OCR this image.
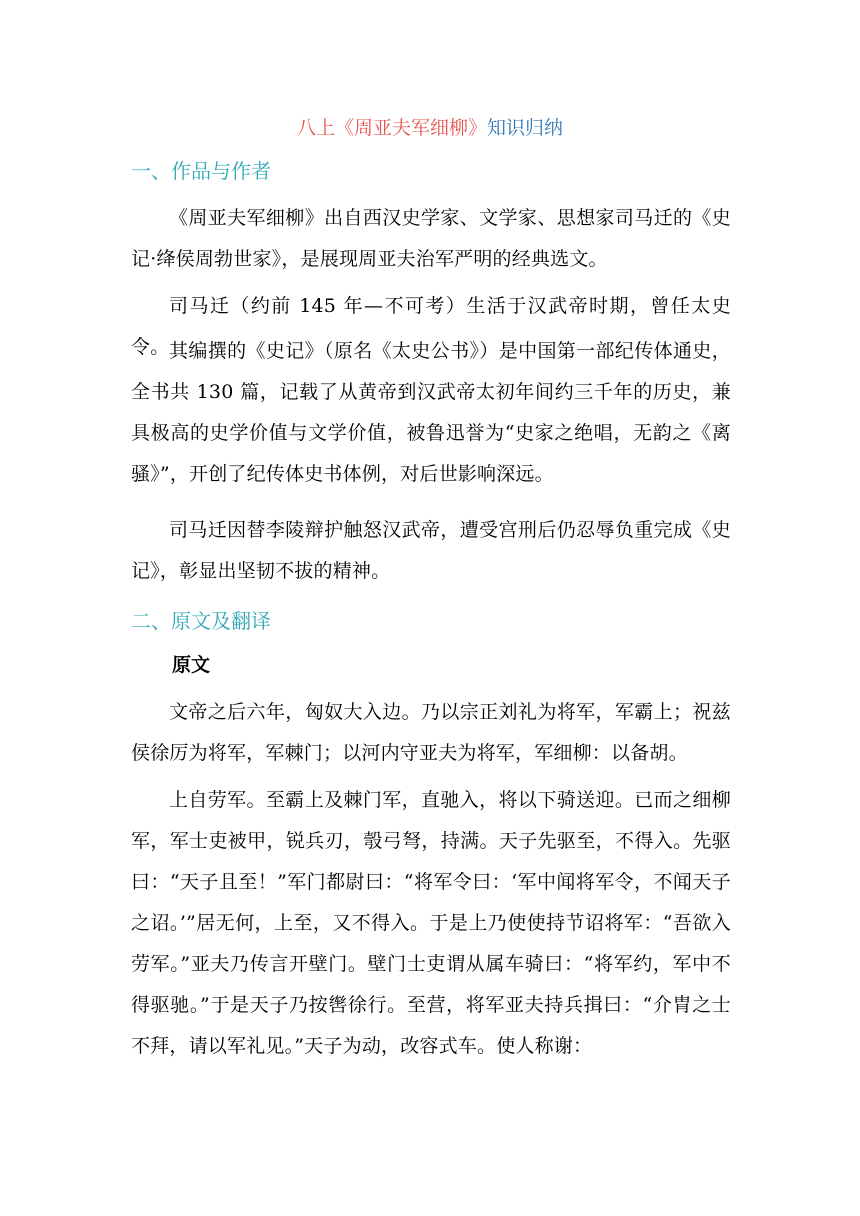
八上《周亚夫军细柳》知识归纳
一、作品与作者
《周亚夫军细柳》出自西汉史学家、文学家、思想家司马迁的《史记·绛侯周勃世家》，是展现周亚夫治军严明的经典选文。
司马迁（约前 145 年—不可考）生活于汉武帝时期，曾任太史令。 其编撰的《史记》（原名《太史公书》）是中国第一部纪传体通史，全书共 130 篇，记载了从黄帝到汉武帝太初年间约三千年的历史，兼具极高的史学价值与文学价值，被鲁迅誉为“史家之绝唱，无韵之《离骚》”，开创了纪传体史书体例，对后世影响深远。
司马迁因替李陵辩护触怒汉武帝，遭受宫刑后仍忍辱负重完成《史记》，彰显出坚韧不拔的精神。
二、原文及翻译
原文
文帝之后六年，匈奴大入边。乃以宗正刘礼为将军，军霸上；祝兹侯徐厉为将军，军棘门；以河内守亚夫为将军，军细柳：以备胡。
上自劳军。至霸上及棘门军，直驰入，将以下骑送迎。已而之细柳军，军士吏被甲，锐兵刃，彀弓弩，持满。天子先驱至，不得入。先驱曰：“天子且至！”军门都尉曰：“将军令曰：‘军中闻将军令，不闻天子之诏。’”居无何，上至，又不得入。于是上乃使使持节诏将军：“吾欲入劳军。”亚夫乃传言开壁门。壁门士吏谓从属车骑曰：“将军约，军中不得驱驰。”于是天子乃按辔徐行。至营，将军亚夫持兵揖曰：“介胄之士不拜，请以军礼见。”天子为动，改容式车。使人称谢：
